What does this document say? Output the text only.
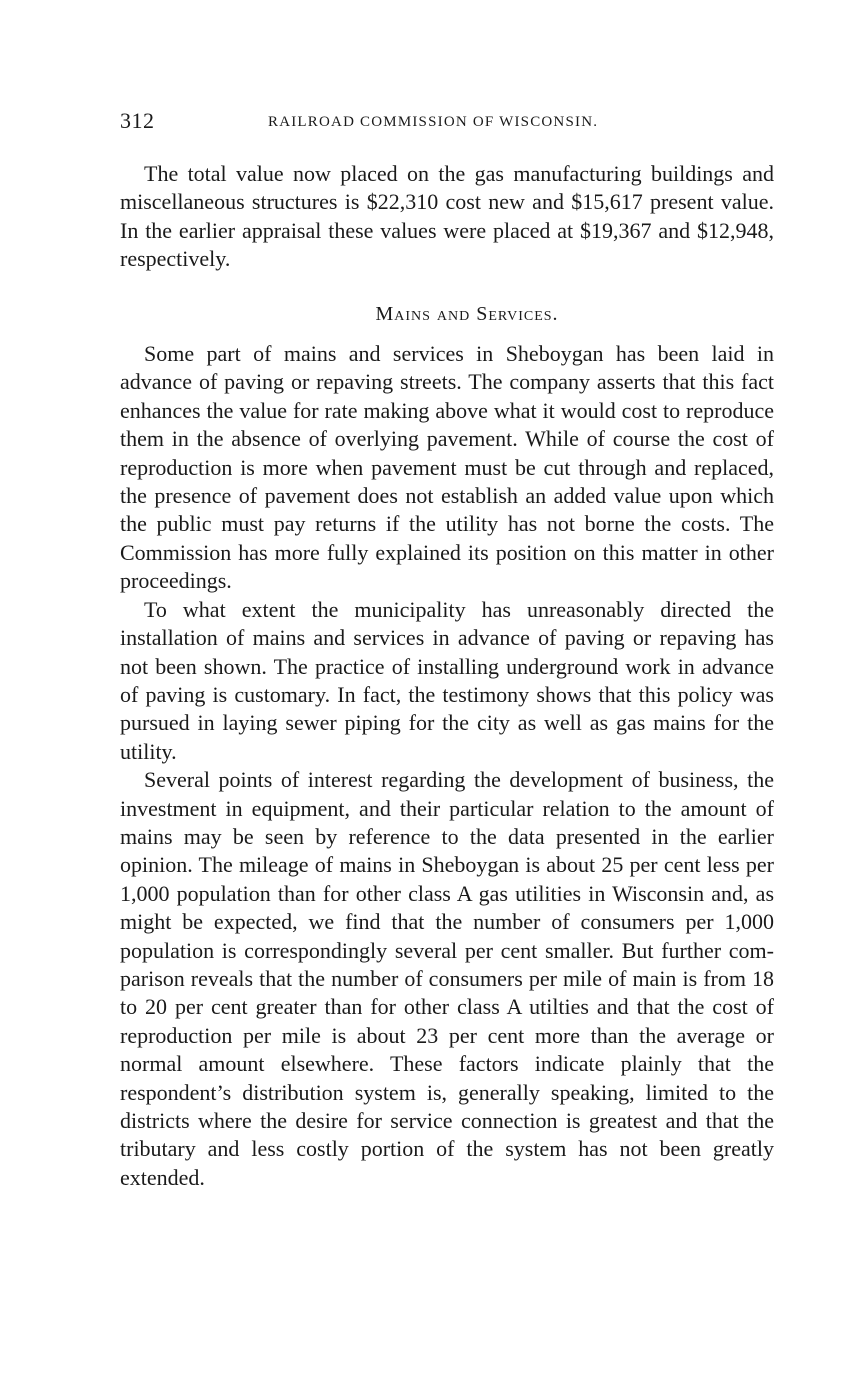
312	RAILROAD COMMISSION OF WISCONSIN.

The total value now placed on the gas manufacturing buildings and miscellaneous structures is $22,310 cost new and $15,617 present value. In the earlier appraisal these values were placed at $19,367 and $12,948, respectively.

Mains and Services.

Some part of mains and services in Sheboygan has been laid in advance of paving or repaving streets. The company asserts that this fact enhances the value for rate making above what it would cost to reproduce them in the absence of overlying pavement. While of course the cost of reproduction is more when pavement must be cut through and replaced, the presence of pavement does not establish an added value upon which the public must pay returns if the utility has not borne the costs. The Commission has more fully explained its position on this matter in other proceedings.

To what extent the municipality has unreasonably directed the installation of mains and services in advance of paving or repaving has not been shown. The practice of installing underground work in advance of paving is customary. In fact, the testimony shows that this policy was pursued in laying sewer piping for the city as well as gas mains for the utility.

Several points of interest regarding the development of business, the investment in equipment, and their particular relation to the amount of mains may be seen by reference to the data presented in the earlier opinion. The mileage of mains in Sheboygan is about 25 per cent less per 1,000 population than for other class A gas utilities in Wisconsin and, as might be expected, we find that the number of consumers per 1,000 population is correspondingly several per cent smaller. But further comparison reveals that the number of consumers per mile of main is from 18 to 20 per cent greater than for other class A utilties and that the cost of reproduction per mile is about 23 per cent more than the average or normal amount elsewhere. These factors indicate plainly that the respondent’s distribution system is, generally speaking, limited to the districts where the desire for service connection is greatest and that the tributary and less costly portion of the system has not been greatly extended.
